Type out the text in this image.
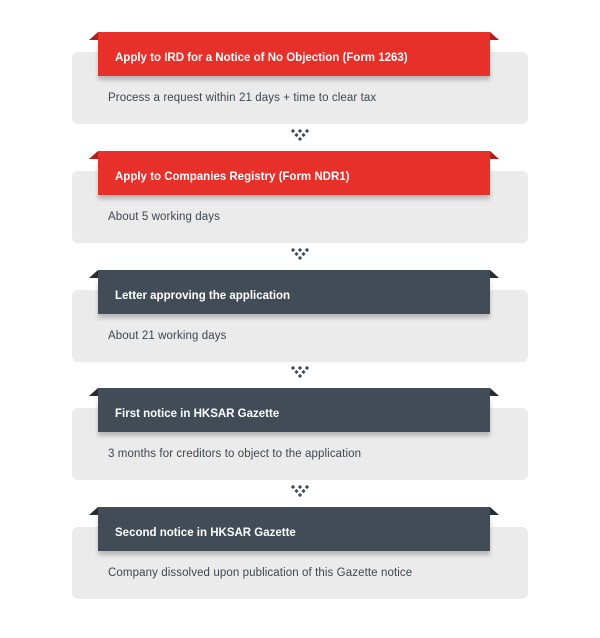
Process a request within 21 days + time to clear tax
Apply to IRD for a Notice of No Objection (Form 1263)
About 5 working days
Apply to Companies Registry (Form NDR1)
About 21 working days
Letter approving the application
3 months for creditors to object to the application
First notice in HKSAR Gazette
Company dissolved upon publication of this Gazette notice
Second notice in HKSAR Gazette
